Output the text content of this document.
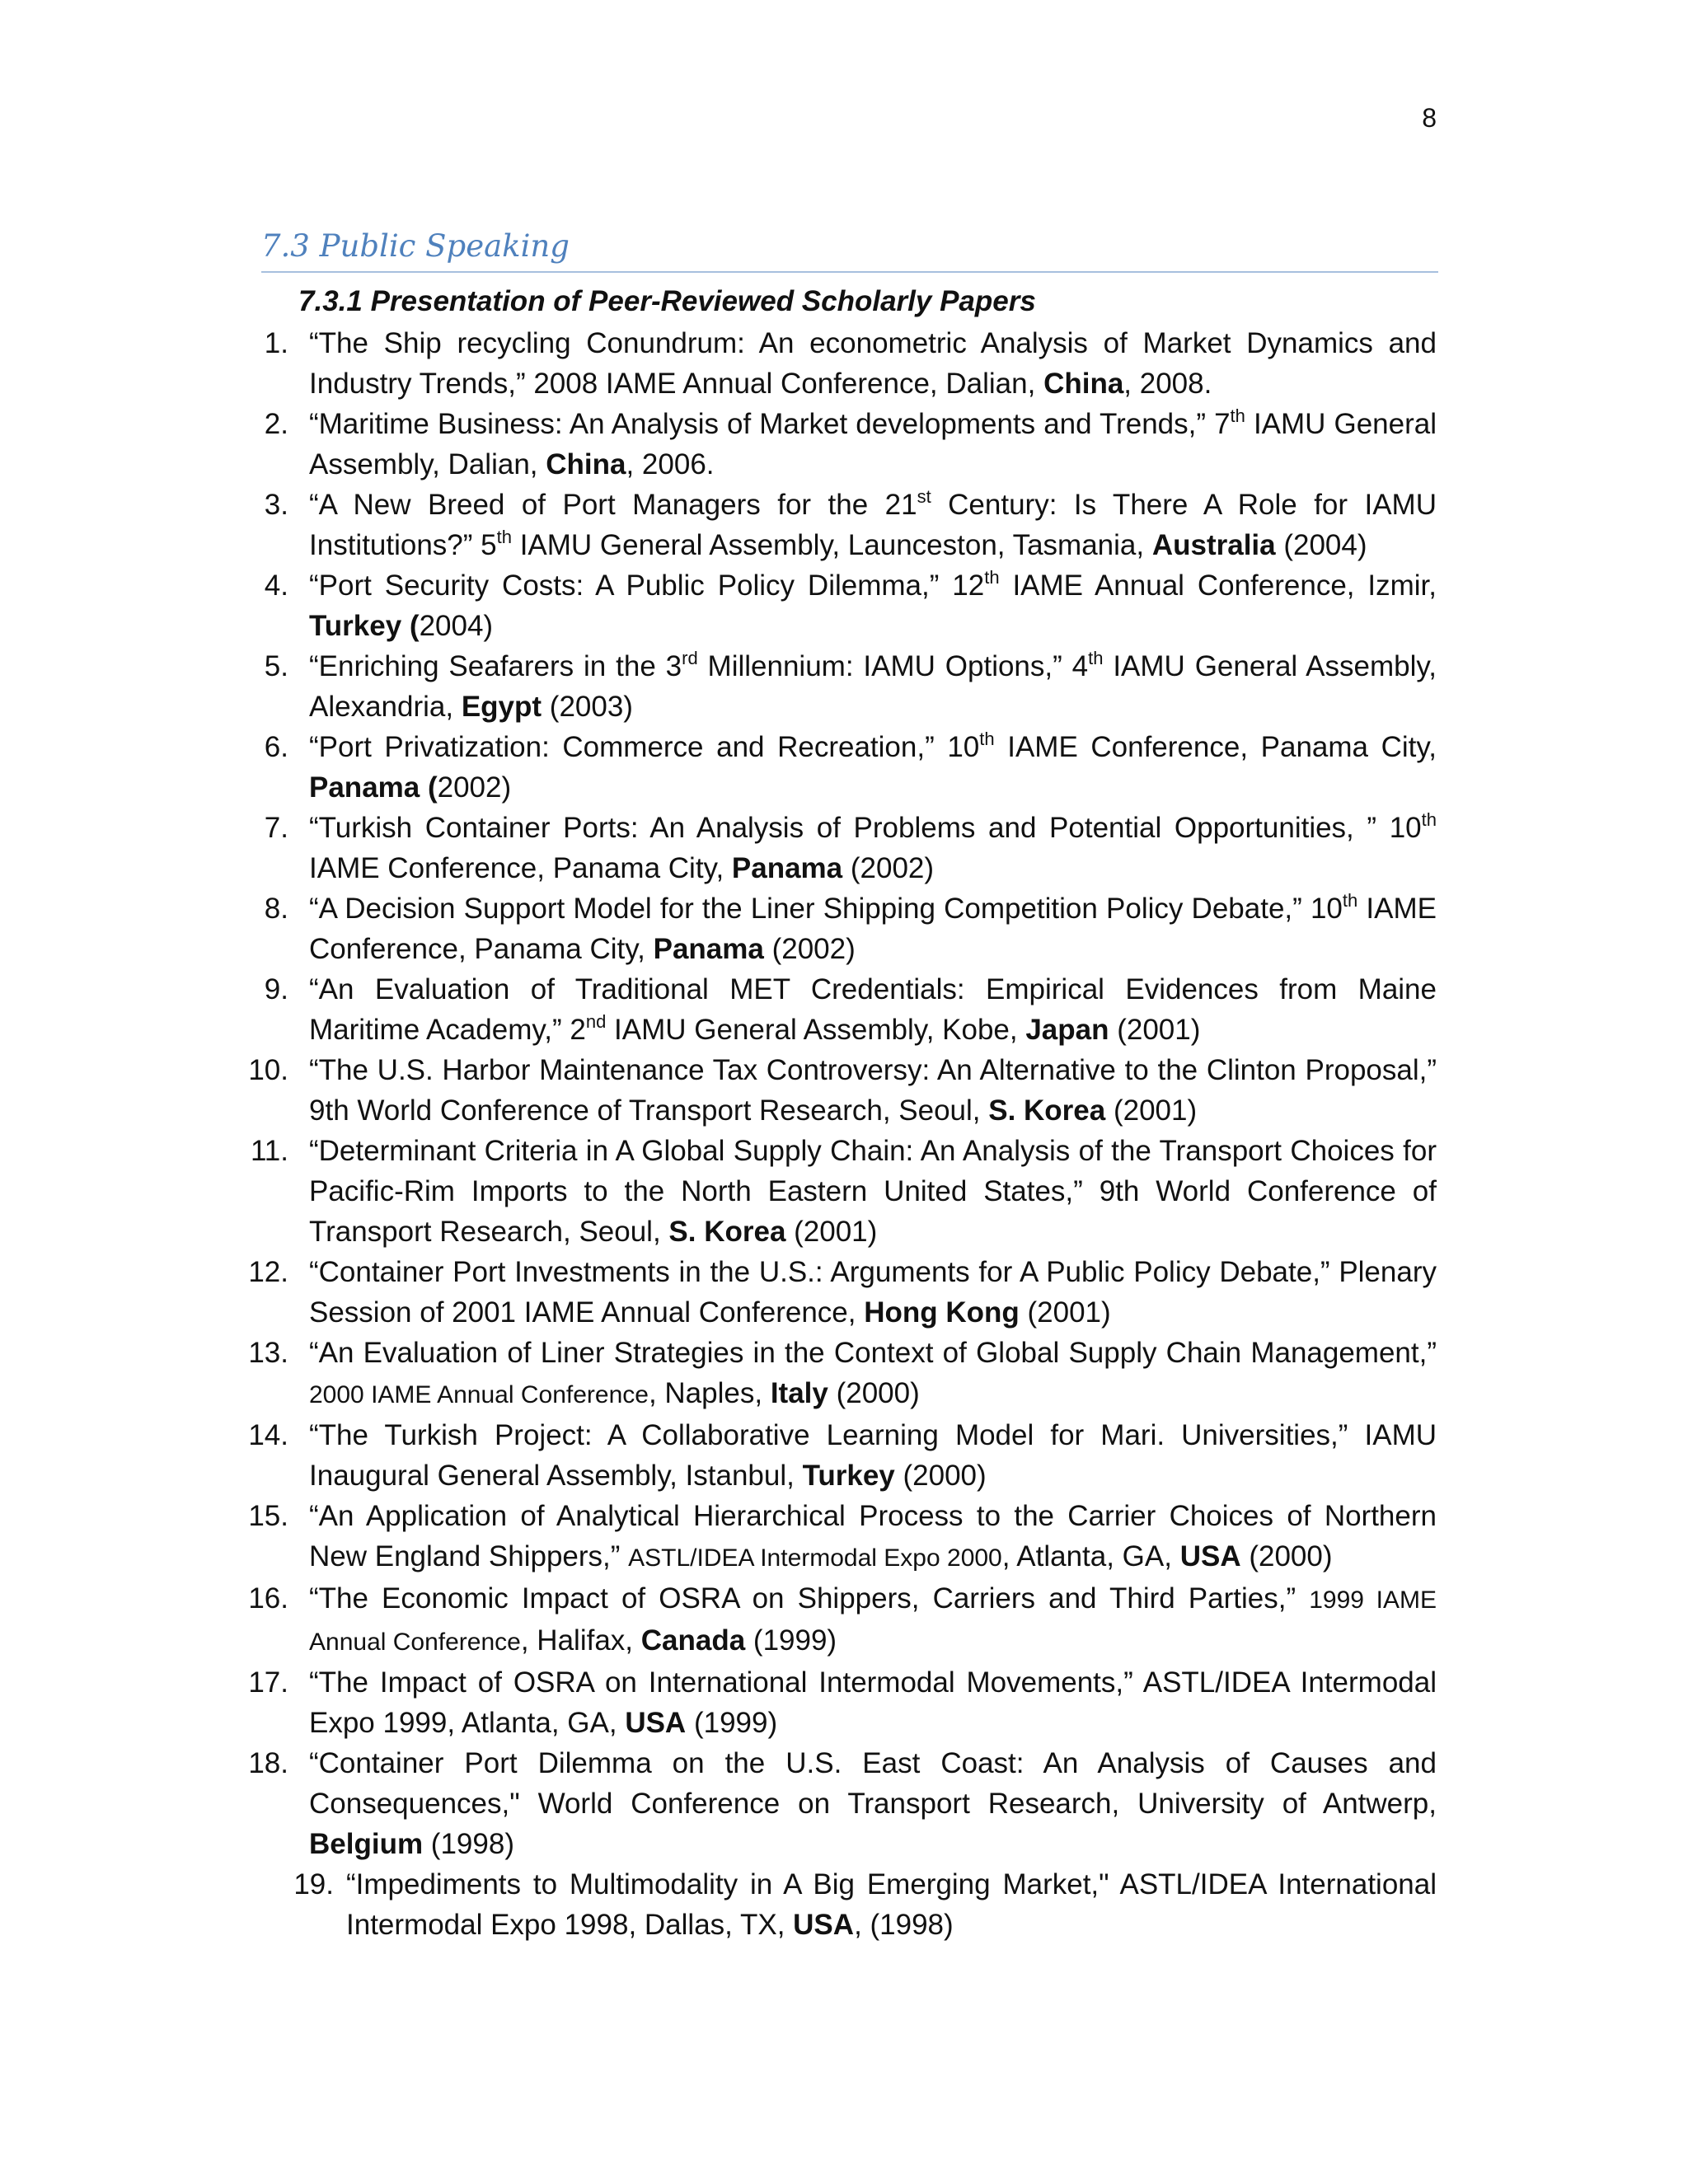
8
7.3 Public Speaking
7.3.1 Presentation of Peer-Reviewed Scholarly Papers
1. “The Ship recycling Conundrum: An econometric Analysis of Market Dynamics and Industry Trends,” 2008 IAME Annual Conference, Dalian, China, 2008.
2. “Maritime Business: An Analysis of Market developments and Trends,” 7th IAMU General Assembly, Dalian, China, 2006.
3. “A New Breed of Port Managers for the 21st Century: Is There A Role for IAMU Institutions?” 5th IAMU General Assembly, Launceston, Tasmania, Australia (2004)
4. “Port Security Costs: A Public Policy Dilemma,” 12th IAME Annual Conference, Izmir, Turkey (2004)
5. “Enriching Seafarers in the 3rd Millennium: IAMU Options,” 4th IAMU General Assembly, Alexandria, Egypt (2003)
6. “Port Privatization: Commerce and Recreation,” 10th IAME Conference, Panama City, Panama (2002)
7. “Turkish Container Ports: An Analysis of Problems and Potential Opportunities, ” 10th IAME Conference, Panama City, Panama (2002)
8. “A Decision Support Model for the Liner Shipping Competition Policy Debate,” 10th IAME Conference, Panama City, Panama (2002)
9. “An Evaluation of Traditional MET Credentials: Empirical Evidences from Maine Maritime Academy,” 2nd IAMU General Assembly, Kobe, Japan (2001)
10. “The U.S. Harbor Maintenance Tax Controversy: An Alternative to the Clinton Proposal,” 9th World Conference of Transport Research, Seoul, S. Korea (2001)
11. “Determinant Criteria in A Global Supply Chain: An Analysis of the Transport Choices for Pacific-Rim Imports to the North Eastern United States,” 9th World Conference of Transport Research, Seoul, S. Korea (2001)
12. “Container Port Investments in the U.S.: Arguments for A Public Policy Debate,” Plenary Session of 2001 IAME Annual Conference, Hong Kong (2001)
13. “An Evaluation of Liner Strategies in the Context of Global Supply Chain Management,” 2000 IAME Annual Conference, Naples, Italy (2000)
14. “The Turkish Project: A Collaborative Learning Model for Mari. Universities,” IAMU Inaugural General Assembly, Istanbul, Turkey (2000)
15. “An Application of Analytical Hierarchical Process to the Carrier Choices of Northern New England Shippers,” ASTL/IDEA Intermodal Expo 2000, Atlanta, GA, USA (2000)
16. “The Economic Impact of OSRA on Shippers, Carriers and Third Parties,” 1999 IAME Annual Conference, Halifax, Canada (1999)
17. “The Impact of OSRA on International Intermodal Movements,” ASTL/IDEA Intermodal Expo 1999, Atlanta, GA, USA (1999)
18. “Container Port Dilemma on the U.S. East Coast: An Analysis of Causes and Consequences," World Conference on Transport Research, University of Antwerp, Belgium (1998)
19. “Impediments to Multimodality in A Big Emerging Market," ASTL/IDEA International Intermodal Expo 1998, Dallas, TX, USA, (1998)
